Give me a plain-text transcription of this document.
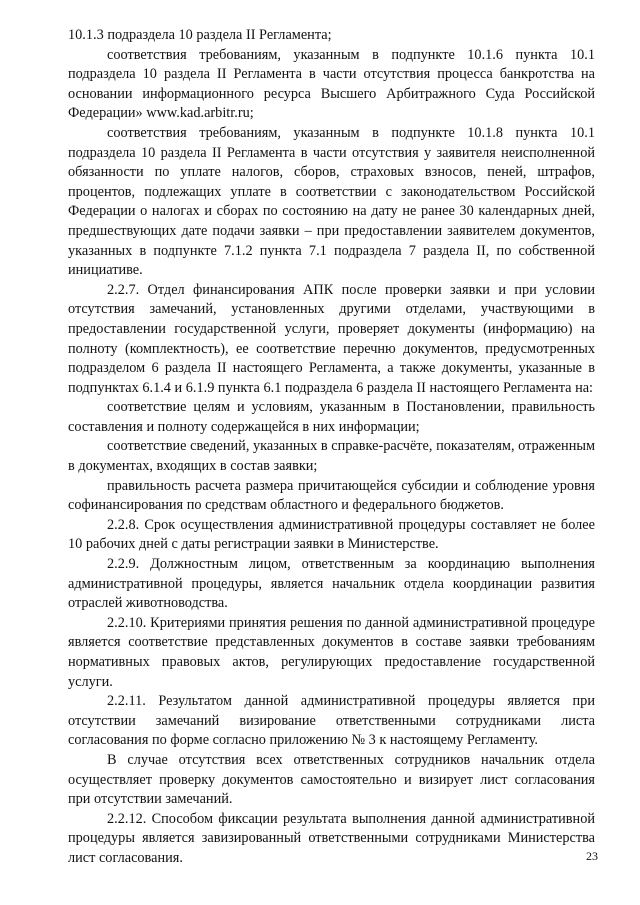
10.1.3 подраздела 10 раздела II Регламента;

соответствия требованиям, указанным в подпункте 10.1.6 пункта 10.1 подраздела 10 раздела II Регламента в части отсутствия процесса банкротства на основании информационного ресурса Высшего Арбитражного Суда Российской Федерации» www.kad.arbitr.ru;

соответствия требованиям, указанным в подпункте 10.1.8 пункта 10.1 подраздела 10 раздела II Регламента в части отсутствия у заявителя неисполненной обязанности по уплате налогов, сборов, страховых взносов, пеней, штрафов, процентов, подлежащих уплате в соответствии с законодательством Российской Федерации о налогах и сборах по состоянию на дату не ранее 30 календарных дней, предшествующих дате подачи заявки – при предоставлении заявителем документов, указанных в подпункте 7.1.2 пункта 7.1 подраздела 7 раздела II, по собственной инициативе.

2.2.7. Отдел финансирования АПК после проверки заявки и при условии отсутствия замечаний, установленных другими отделами, участвующими в предоставлении государственной услуги, проверяет документы (информацию) на полноту (комплектность), ее соответствие перечню документов, предусмотренных подразделом 6 раздела II настоящего Регламента, а также документы, указанные в подпунктах 6.1.4 и 6.1.9 пункта 6.1 подраздела 6 раздела II настоящего Регламента на:

соответствие целям и условиям, указанным в Постановлении, правильность составления и полноту содержащейся в них информации;

соответствие сведений, указанных в справке-расчёте, показателям, отраженным в документах, входящих в состав заявки;

правильность расчета размера причитающейся субсидии и соблюдение уровня софинансирования по средствам областного и федерального бюджетов.

2.2.8. Срок осуществления административной процедуры составляет не более 10 рабочих дней с даты регистрации заявки в Министерстве.

2.2.9. Должностным лицом, ответственным за координацию выполнения административной процедуры, является начальник отдела координации развития отраслей животноводства.

2.2.10. Критериями принятия решения по данной административной процедуре является соответствие представленных документов в составе заявки требованиям нормативных правовых актов, регулирующих предоставление государственной услуги.

2.2.11. Результатом данной административной процедуры является при отсутствии замечаний визирование ответственными сотрудниками листа согласования по форме согласно приложению № 3 к настоящему Регламенту.

В случае отсутствия всех ответственных сотрудников начальник отдела осуществляет проверку документов самостоятельно и визирует лист согласования при отсутствии замечаний.

2.2.12. Способом фиксации результата выполнения данной административной процедуры является завизированный ответственными сотрудниками Министерства лист согласования.	23
